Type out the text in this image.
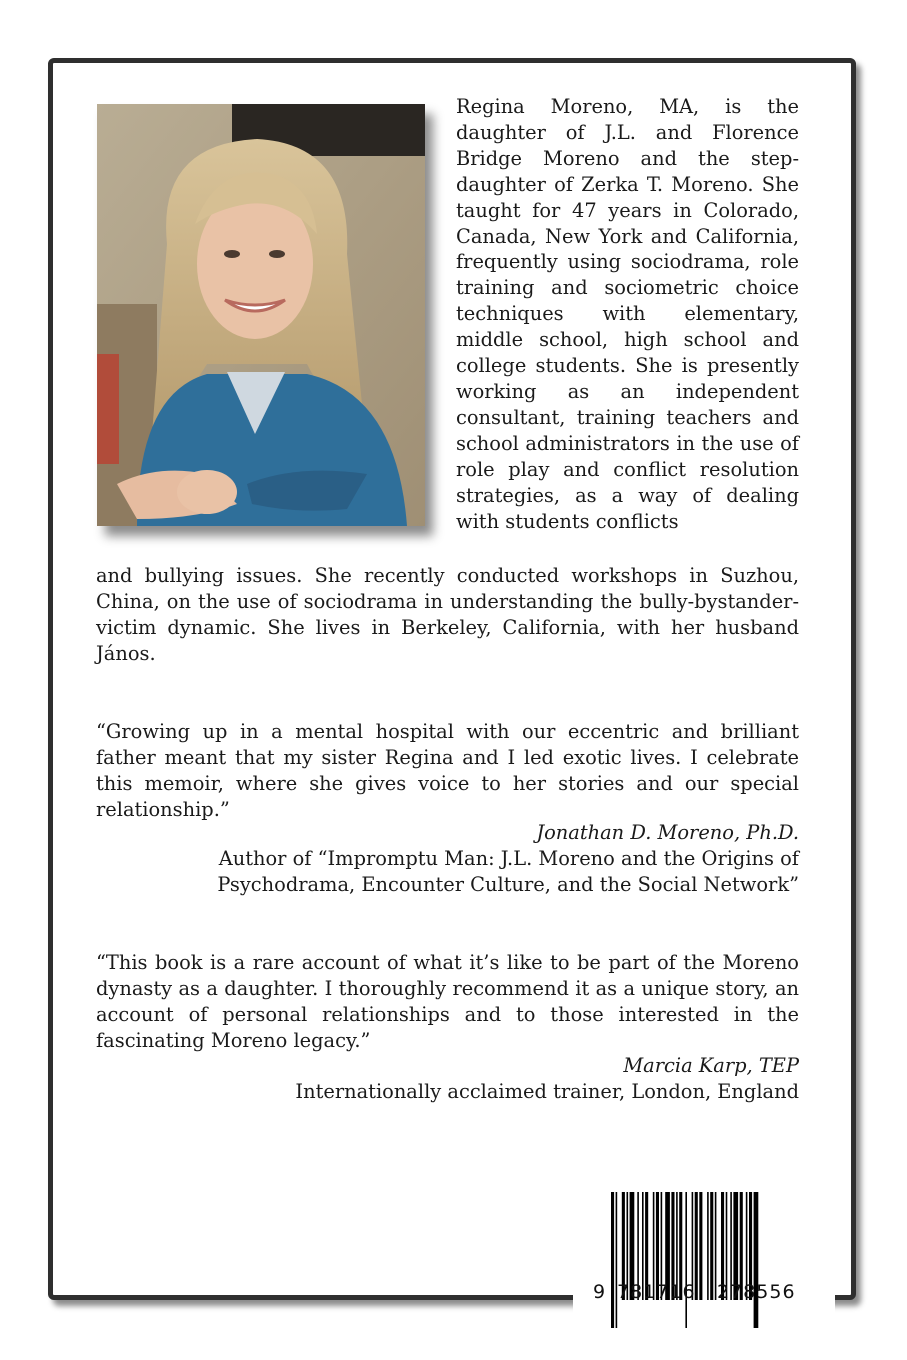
Regina Moreno, MA, is the daughter of J.L. and Florence Bridge Moreno and the step-daughter of Zerka T. Moreno. She taught for 47 years in Colorado, Canada, New York and California, frequently using sociodrama, role training and sociometric choice techniques with elementary, middle school, high school and college students. She is presently working as an independent consultant, training teachers and school administrators in the use of role play and conflict resolution strategies, as a way of dealing with students conflicts

and bullying issues. She recently conducted workshops in Suzhou, China, on the use of sociodrama in understanding the bully-bystander-victim dynamic. She lives in Berkeley, California, with her husband János.

“Growing up in a mental hospital with our eccentric and brilliant father meant that my sister Regina and I led exotic lives. I celebrate this memoir, where she gives voice to her stories and our special relationship.”

Jonathan D. Moreno, Ph.D.

Author of “Impromptu Man: J.L. Moreno and the Origins of Psychodrama, Encounter Culture, and the Social Network”

“This book is a rare account of what it’s like to be part of the Moreno dynasty as a daughter. I thoroughly recommend it as a unique story, an account of personal relationships and to those interested in the fascinating Moreno legacy.”

Marcia Karp, TEP

Internationally acclaimed trainer, London, England

9 781716 278556
